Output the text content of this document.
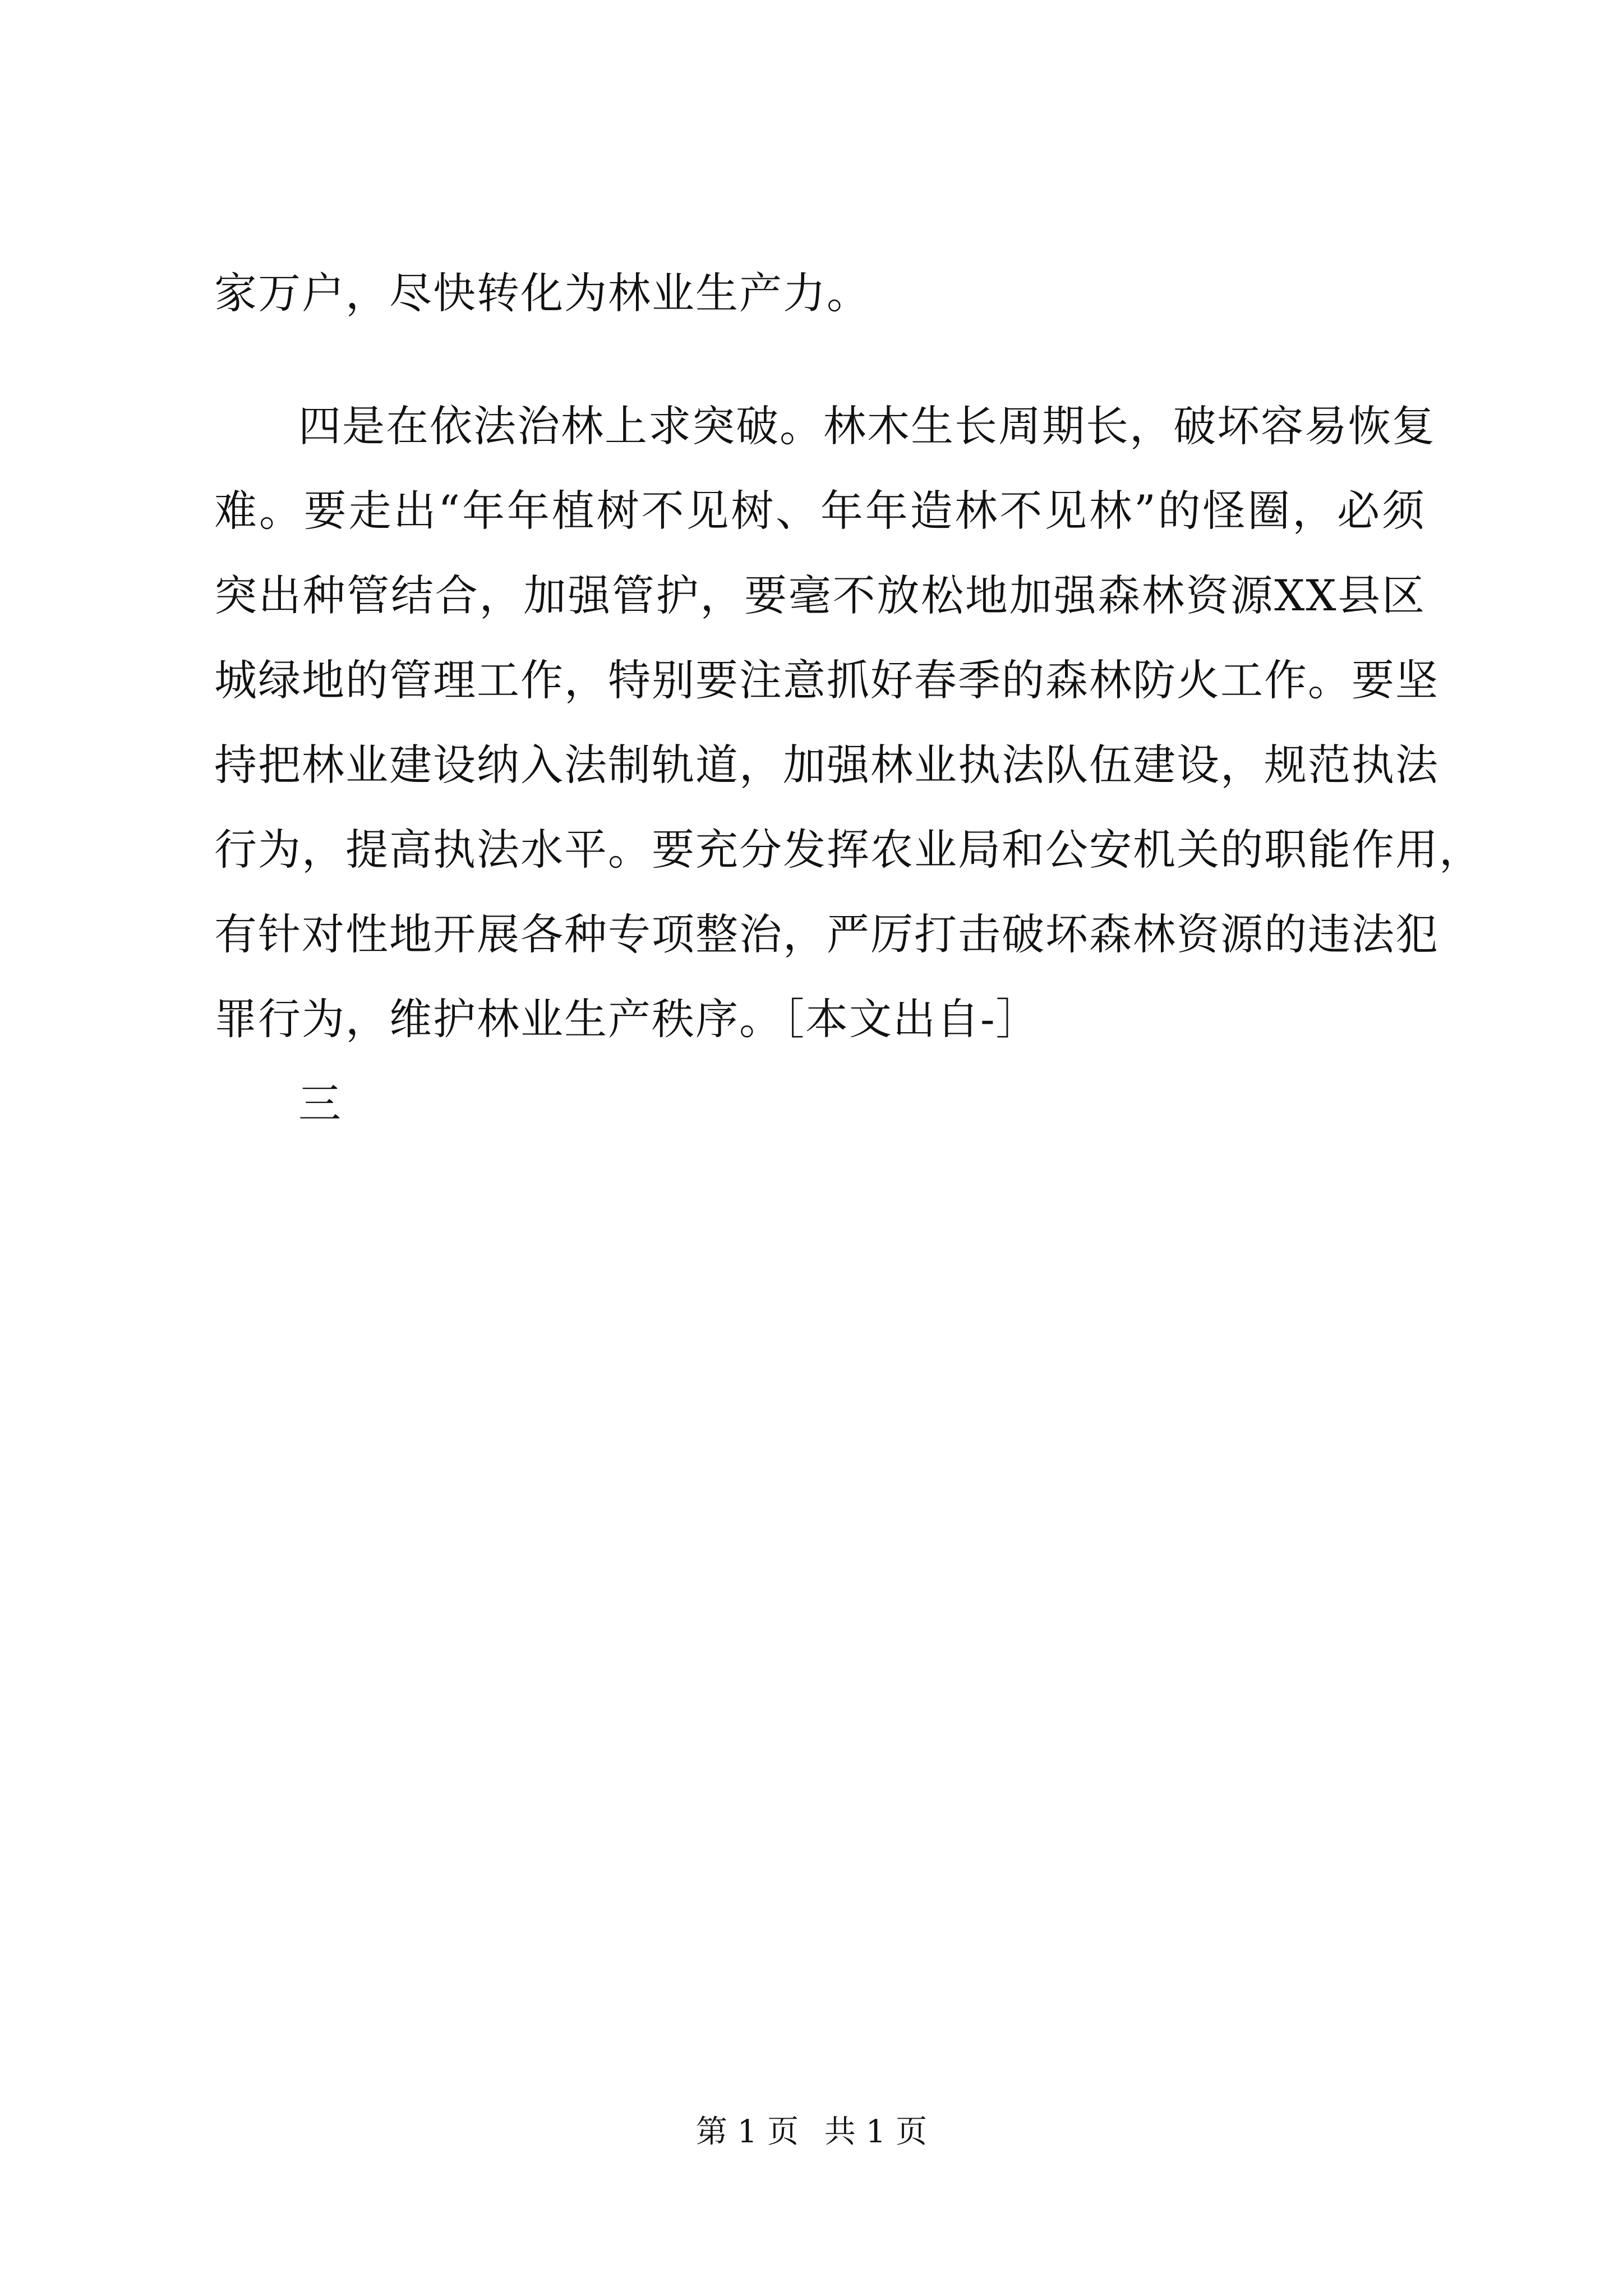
家万户，尽快转化为林业生产力。
四是在依法治林上求突破。林木生长周期长，破坏容易恢复
难。要走出“年年植树不见树、年年造林不见林”的怪圈，必须
突出种管结合，加强管护，要毫不放松地加强森林资源XX县区
城绿地的管理工作，特别要注意抓好春季的森林防火工作。要坚
持把林业建设纳入法制轨道，加强林业执法队伍建设，规范执法
行为，提高执法水平。要充分发挥农业局和公安机关的职能作用，
有针对性地开展各种专项整治，严厉打击破坏森林资源的违法犯
罪行为，维护林业生产秩序。［本文出自-］
三
第 1 页 共 1 页
